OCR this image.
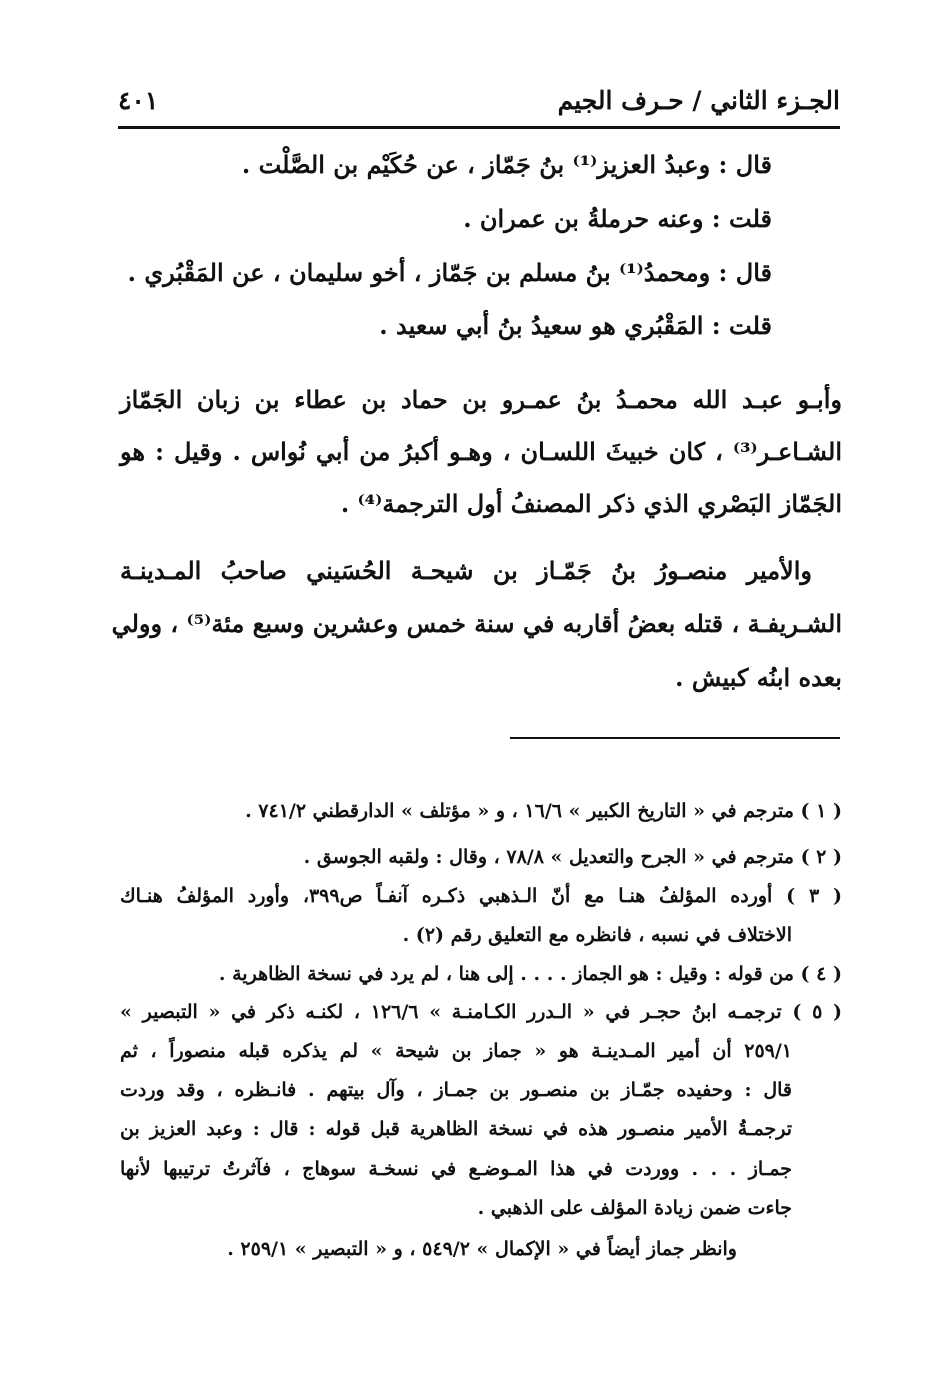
الجـزء الثاني / حـرف الجيم
٤٠١
قال : وعبدُ العزيز⁽¹⁾ بنُ جَمّاز ، عن حُكَيْم بن الصَّلْت .
قلت : وعنه حرملةُ بن عمران .
قال : ومحمدُ⁽¹⁾ بنُ مسلم بن جَمّاز ، أخو سليمان ، عن المَقْبُري .
قلت : المَقْبُري هو سعيدُ بنُ أبي سعيد .
وأبـو عبـد الله محمـدُ بنُ عمـرو بن حماد بن عطاء بن زبان الجَمّاز
الشـاعـر⁽³⁾ ، كان خبيثَ اللسـان ، وهـو أكبرُ من أبي نُواس . وقيل : هو
الجَمّاز البَصْري الذي ذكر المصنفُ أول الترجمة⁽⁴⁾ .
والأمير منصـورُ بنُ جَمّـاز بن شيحـة الحُسَيني صاحبُ المـدينـة
الشـريفـة ، قتله بعضُ أقاربه في سنة خمس وعشرين وسبع مئة⁽⁵⁾ ، وولي
بعده ابنُه كبيش .
( ١ ) مترجم في « التاريخ الكبير » ١٦/٦ ، و « مؤتلف » الدارقطني ٧٤١/٢ .
( ٢ ) مترجم في « الجرح والتعديل » ٧٨/٨ ، وقال : ولقبه الجوسق .
( ٣ ) أورده المؤلفُ هنـا مع أنّ الـذهبي ذكـره آنفـاً ص٣٩٩، وأورد المؤلفُ هنـاك
الاختلاف في نسبه ، فانظره مع التعليق رقم (٢) .
( ٤ ) من قوله : وقيل : هو الجماز . . . . إلى هنا ، لم يرد في نسخة الظاهرية .
( ٥ ) ترجمـه ابنُ حجـر في « الـدرر الكـامنـة » ١٢٦/٦ ، لكنـه ذكر في « التبصير »
٢٥٩/١ أن أمير المـدينـة هو « جماز بن شيحة » لم يذكره قبله منصوراً ، ثم
قال : وحفيده جمّـاز بن منصـور بن جمـاز ، وآل بيتهم . فانـظره ، وقد وردت
ترجمـةُ الأمير منصـور هذه في نسخة الظاهرية قبل قوله : قال : وعبد العزيز بن
جمـاز . . . ووردت في هذا المـوضـع في نسخـة سوهاج ، فآثرتُ ترتيبها لأنها
جاءت ضمن زيادة المؤلف على الذهبي .
وانظر جماز أيضاً في « الإكمال » ٥٤٩/٢ ، و « التبصير » ٢٥٩/١ .
